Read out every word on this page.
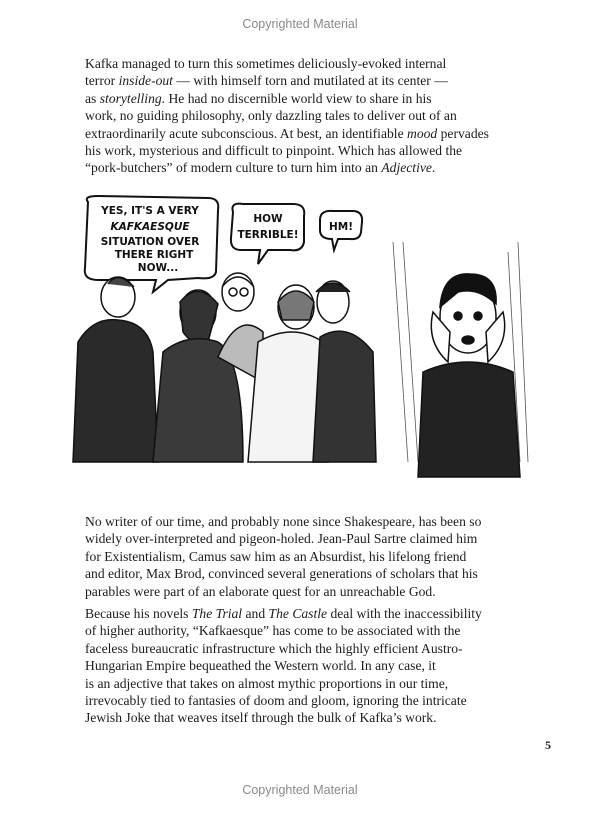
Copyrighted Material
Kafka managed to turn this sometimes deliciously-evoked internal
terror inside-out — with himself torn and mutilated at its center —
as storytelling. He had no discernible world view to share in his
work, no guiding philosophy, only dazzling tales to deliver out of an
extraordinarily acute subconscious. At best, an identifiable mood pervades
his work, mysterious and difficult to pinpoint. Which has allowed the
“pork-butchers” of modern culture to turn him into an Adjective.
YES, IT'S A VERY
KAFKAESQUE
SITUATION OVER
THERE RIGHT
NOW...
HOW
TERRIBLE!
HM!
No writer of our time, and probably none since Shakespeare, has been so
widely over-interpreted and pigeon-holed. Jean-Paul Sartre claimed him
for Existentialism, Camus saw him as an Absurdist, his lifelong friend
and editor, Max Brod, convinced several generations of scholars that his
parables were part of an elaborate quest for an unreachable God.
Because his novels The Trial and The Castle deal with the inaccessibility
of higher authority, “Kafkaesque” has come to be associated with the
faceless bureaucratic infrastructure which the highly efficient Austro-
Hungarian Empire bequeathed the Western world. In any case, it
is an adjective that takes on almost mythic proportions in our time,
irrevocably tied to fantasies of doom and gloom, ignoring the intricate
Jewish Joke that weaves itself through the bulk of Kafka’s work.
5
Copyrighted Material
